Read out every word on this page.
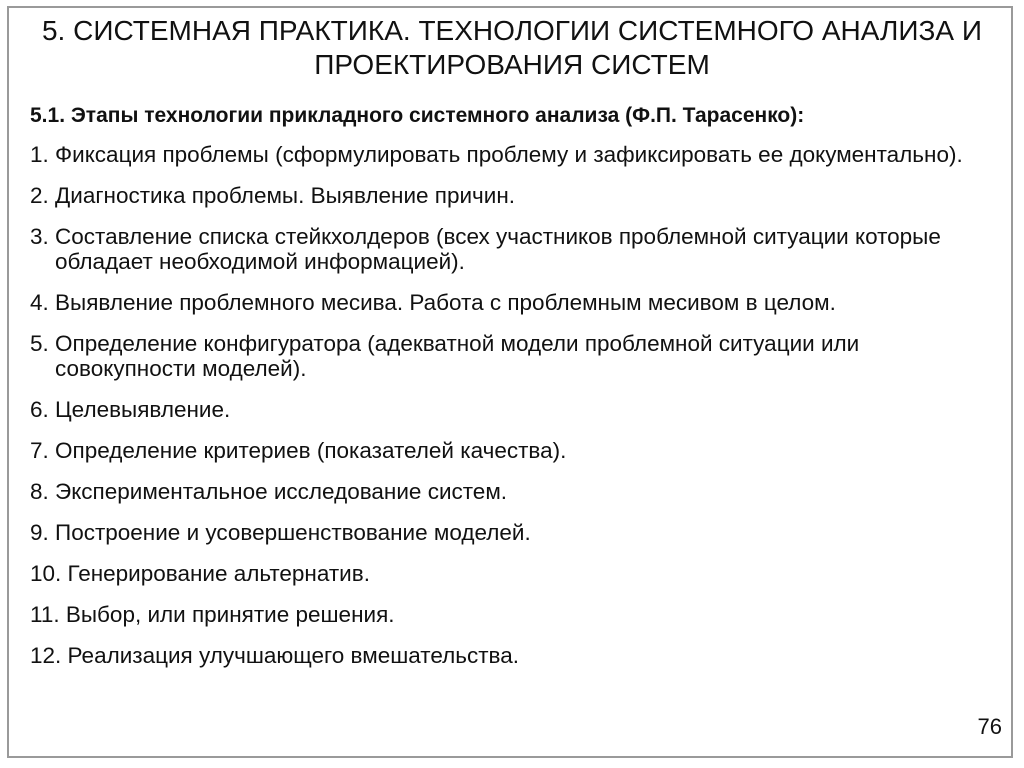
5. СИСТЕМНАЯ ПРАКТИКА. ТЕХНОЛОГИИ СИСТЕМНОГО АНАЛИЗА И ПРОЕКТИРОВАНИЯ СИСТЕМ
5.1. Этапы технологии прикладного системного анализа (Ф.П. Тарасенко):
1. Фиксация проблемы (сформулировать проблему и зафиксировать ее документально).
2. Диагностика проблемы. Выявление причин.
3. Составление списка стейкхолдеров (всех участников проблемной ситуации которые обладает необходимой информацией).
4. Выявление проблемного месива. Работа с проблемным месивом в целом.
5. Определение конфигуратора (адекватной модели проблемной ситуации или совокупности моделей).
6. Целевыявление.
7. Определение критериев (показателей качества).
8. Экспериментальное исследование систем.
9. Построение и усовершенствование моделей.
10. Генерирование альтернатив.
11. Выбор, или принятие решения.
12. Реализация улучшающего вмешательства.
76
